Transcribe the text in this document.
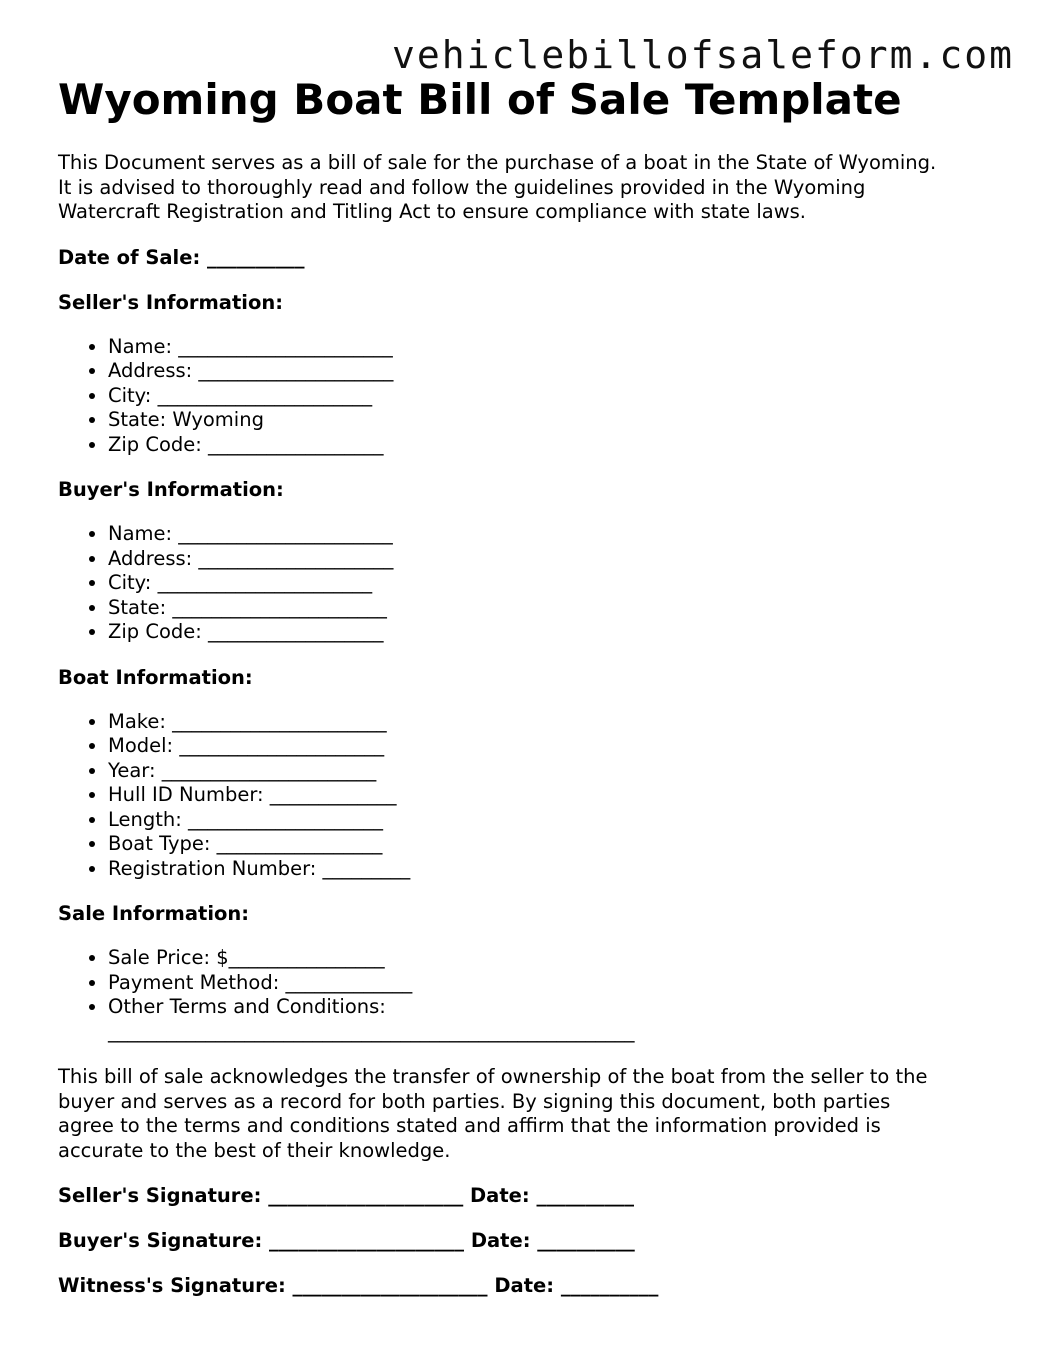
vehiclebillofsaleform.com
Wyoming Boat Bill of Sale Template

This Document serves as a bill of sale for the purchase of a boat in the State of Wyoming.
It is advised to thoroughly read and follow the guidelines provided in the Wyoming
Watercraft Registration and Titling Act to ensure compliance with state laws.

Date of Sale: __________
Seller's Information:
• Name: ______________________
• Address: ____________________
• City: ______________________
• State: Wyoming
• Zip Code: __________________
Buyer's Information:
• Name: ______________________
• Address: ____________________
• City: ______________________
• State: ______________________
• Zip Code: __________________
Boat Information:
• Make: ______________________
• Model: _____________________
• Year: ______________________
• Hull ID Number: _____________
• Length: ____________________
• Boat Type: _________________
• Registration Number: _________
Sale Information:
• Sale Price: $________________
• Payment Method: _____________
• Other Terms and Conditions:
______________________________________________________

This bill of sale acknowledges the transfer of ownership of the boat from the seller to the
buyer and serves as a record for both parties. By signing this document, both parties
agree to the terms and conditions stated and affirm that the information provided is
accurate to the best of their knowledge.

Seller's Signature: ____________________ Date: __________
Buyer's Signature: ____________________ Date: __________
Witness's Signature: ____________________ Date: __________
